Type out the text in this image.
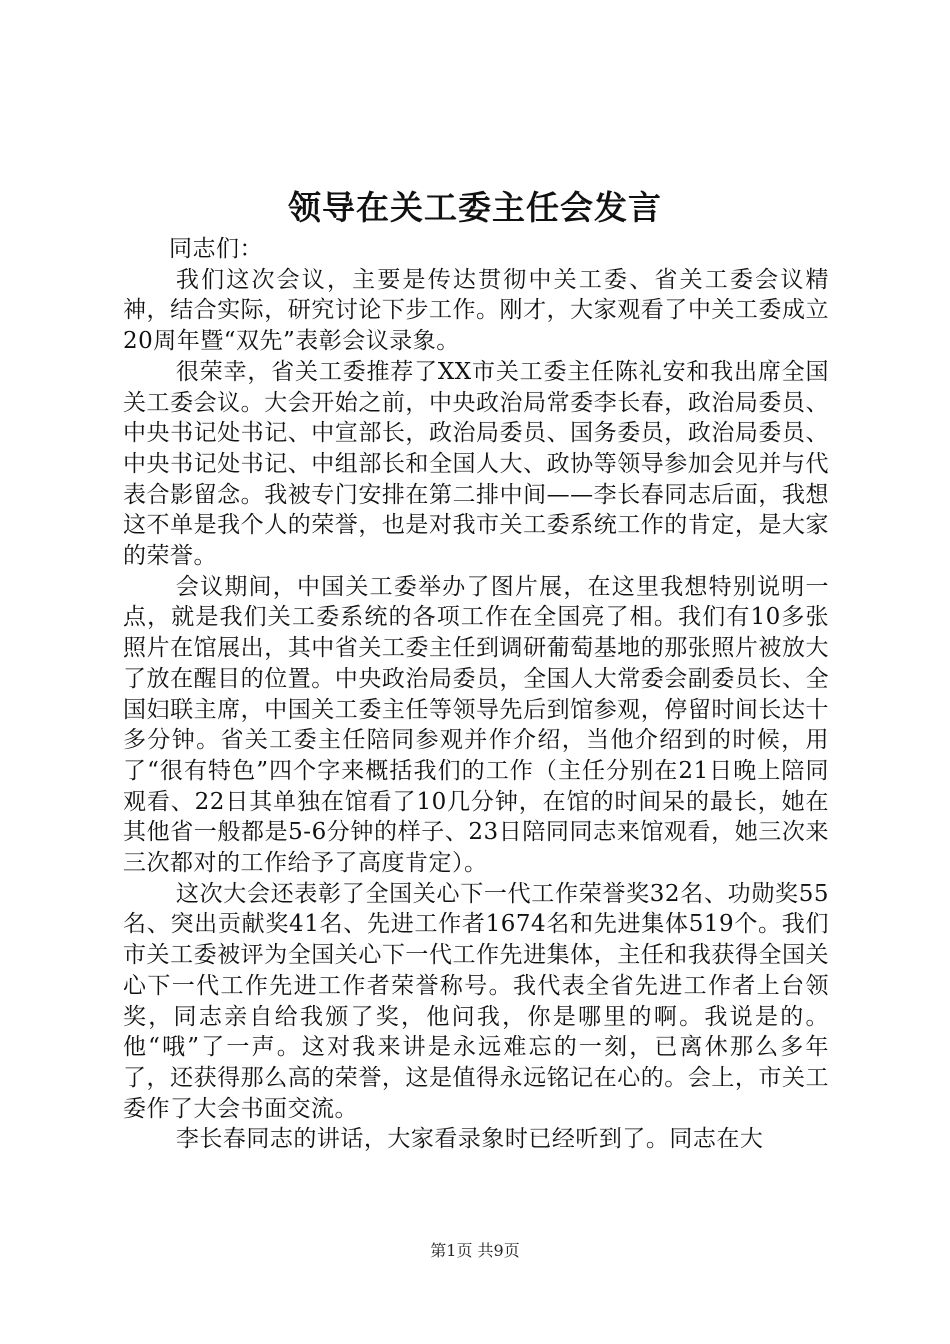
领导在关工委主任会发言

同志们：

我们这次会议，主要是传达贯彻中关工委、省关工委会议精神，结合实际，研究讨论下步工作。刚才，大家观看了中关工委成立20周年暨“双先”表彰会议录象。

很荣幸，省关工委推荐了XX市关工委主任陈礼安和我出席全国关工委会议。大会开始之前，中央政治局常委李长春，政治局委员、中央书记处书记、中宣部长，政治局委员、国务委员，政治局委员、中央书记处书记、中组部长和全国人大、政协等领导参加会见并与代表合影留念。我被专门安排在第二排中间——李长春同志后面，我想这不单是我个人的荣誉，也是对我市关工委系统工作的肯定，是大家的荣誉。

会议期间，中国关工委举办了图片展，在这里我想特别说明一点，就是我们关工委系统的各项工作在全国亮了相。我们有10多张照片在馆展出，其中省关工委主任到调研葡萄基地的那张照片被放大了放在醒目的位置。中央政治局委员，全国人大常委会副委员长、全国妇联主席，中国关工委主任等领导先后到馆参观，停留时间长达十多分钟。省关工委主任陪同参观并作介绍，当他介绍到的时候，用了“很有特色”四个字来概括我们的工作（主任分别在21日晚上陪同观看、22日其单独在馆看了10几分钟，在馆的时间呆的最长，她在其他省一般都是5-6分钟的样子、23日陪同同志来馆观看，她三次来三次都对的工作给予了高度肯定）。

这次大会还表彰了全国关心下一代工作荣誉奖32名、功勋奖55名、突出贡献奖41名、先进工作者1674名和先进集体519个。我们市关工委被评为全国关心下一代工作先进集体，主任和我获得全国关心下一代工作先进工作者荣誉称号。我代表全省先进工作者上台领奖，同志亲自给我颁了奖，他问我，你是哪里的啊。我说是的。他“哦”了一声。这对我来讲是永远难忘的一刻，已离休那么多年了，还获得那么高的荣誉，这是值得永远铭记在心的。会上，市关工委作了大会书面交流。

李长春同志的讲话，大家看录象时已经听到了。同志在大

第1页 共9页
